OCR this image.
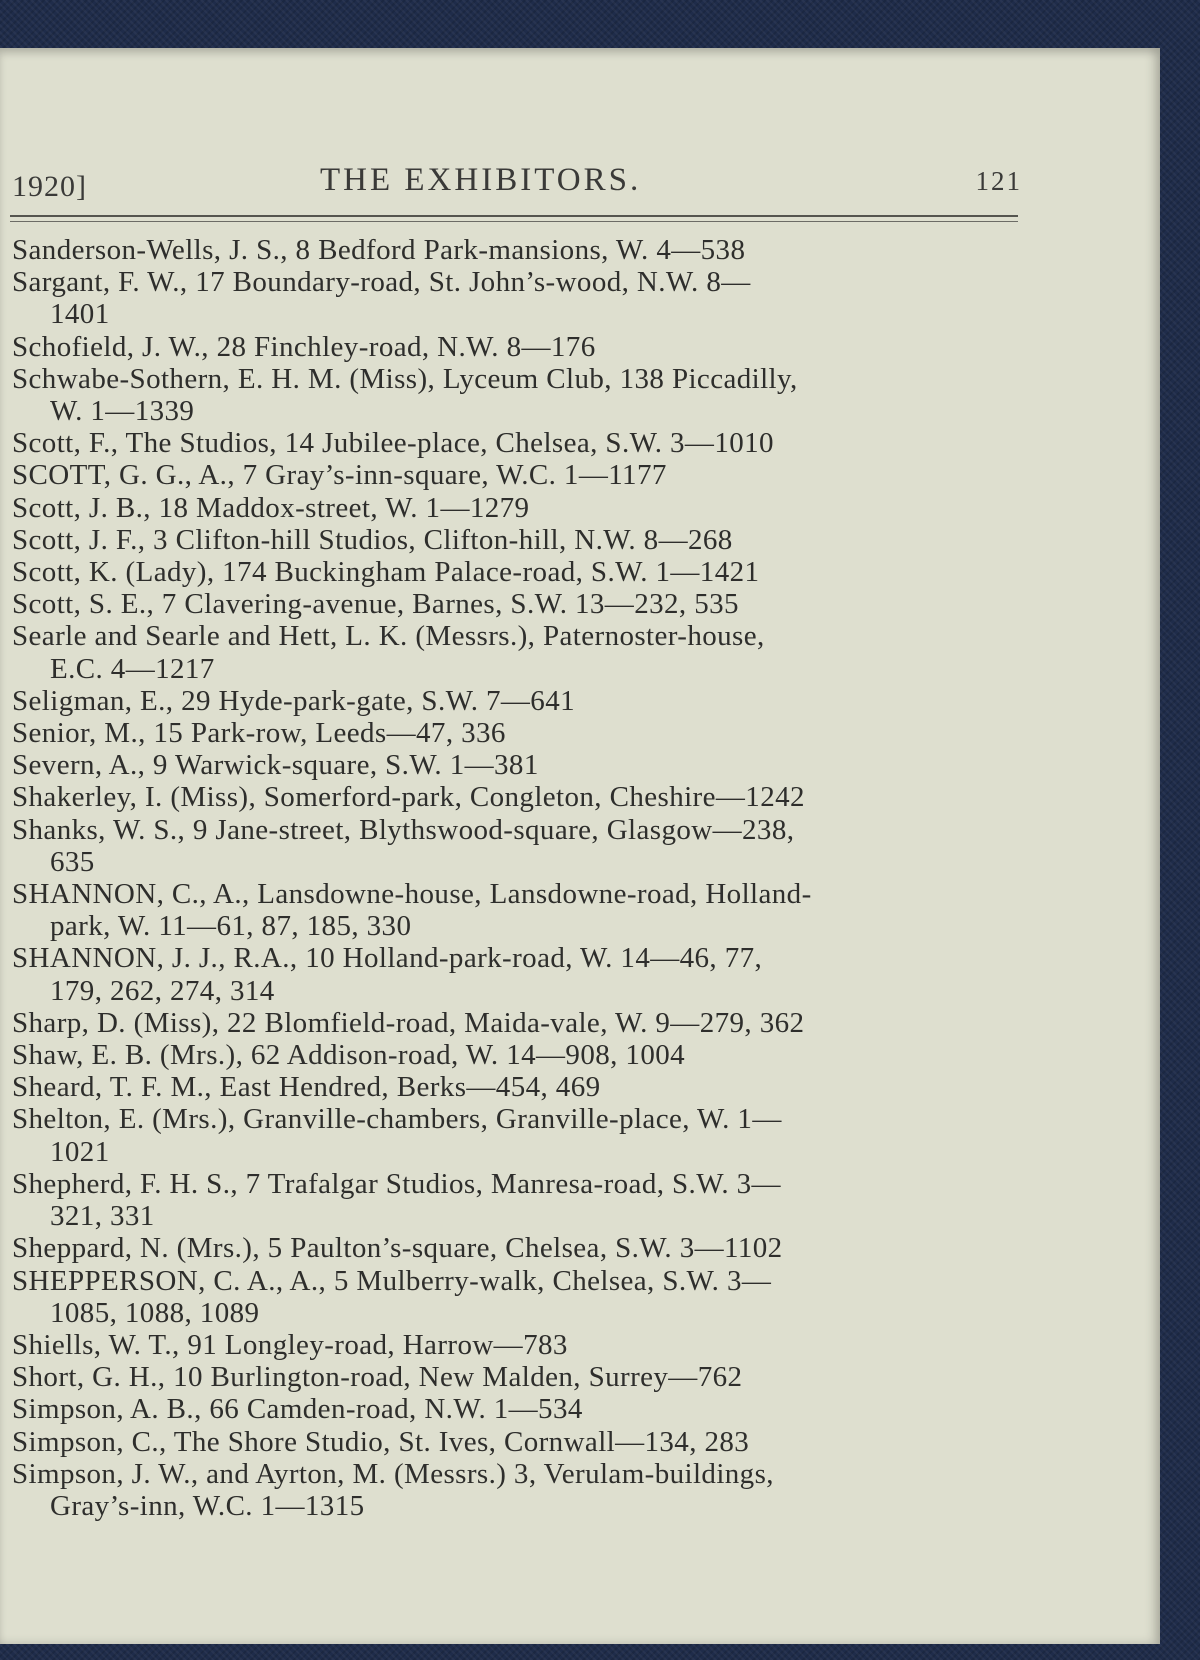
1920]	THE EXHIBITORS.	121
Sanderson-Wells, J. S., 8 Bedford Park-mansions, W. 4—538
Sargant, F. W., 17 Boundary-road, St. John’s-wood, N.W. 8—
1401
Schofield, J. W., 28 Finchley-road, N.W. 8—176
Schwabe-Sothern, E. H. M. (Miss), Lyceum Club, 138 Piccadilly,
W. 1—1339
Scott, F., The Studios, 14 Jubilee-place, Chelsea, S.W. 3—1010
SCOTT, G. G., A., 7 Gray’s-inn-square, W.C. 1—1177
Scott, J. B., 18 Maddox-street, W. 1—1279
Scott, J. F., 3 Clifton-hill Studios, Clifton-hill, N.W. 8—268
Scott, K. (Lady), 174 Buckingham Palace-road, S.W. 1—1421
Scott, S. E., 7 Clavering-avenue, Barnes, S.W. 13—232, 535
Searle and Searle and Hett, L. K. (Messrs.), Paternoster-house,
E.C. 4—1217
Seligman, E., 29 Hyde-park-gate, S.W. 7—641
Senior, M., 15 Park-row, Leeds—47, 336
Severn, A., 9 Warwick-square, S.W. 1—381
Shakerley, I. (Miss), Somerford-park, Congleton, Cheshire—1242
Shanks, W. S., 9 Jane-street, Blythswood-square, Glasgow—238,
635
SHANNON, C., A., Lansdowne-house, Lansdowne-road, Holland-
park, W. 11—61, 87, 185, 330
SHANNON, J. J., R.A., 10 Holland-park-road, W. 14—46, 77,
179, 262, 274, 314
Sharp, D. (Miss), 22 Blomfield-road, Maida-vale, W. 9—279, 362
Shaw, E. B. (Mrs.), 62 Addison-road, W. 14—908, 1004
Sheard, T. F. M., East Hendred, Berks—454, 469
Shelton, E. (Mrs.), Granville-chambers, Granville-place, W. 1—
1021
Shepherd, F. H. S., 7 Trafalgar Studios, Manresa-road, S.W. 3—
321, 331
Sheppard, N. (Mrs.), 5 Paulton’s-square, Chelsea, S.W. 3—1102
SHEPPERSON, C. A., A., 5 Mulberry-walk, Chelsea, S.W. 3—
1085, 1088, 1089
Shiells, W. T., 91 Longley-road, Harrow—783
Short, G. H., 10 Burlington-road, New Malden, Surrey—762
Simpson, A. B., 66 Camden-road, N.W. 1—534
Simpson, C., The Shore Studio, St. Ives, Cornwall—134, 283
Simpson, J. W., and Ayrton, M. (Messrs.) 3, Verulam-buildings,
Gray’s-inn, W.C. 1—1315
